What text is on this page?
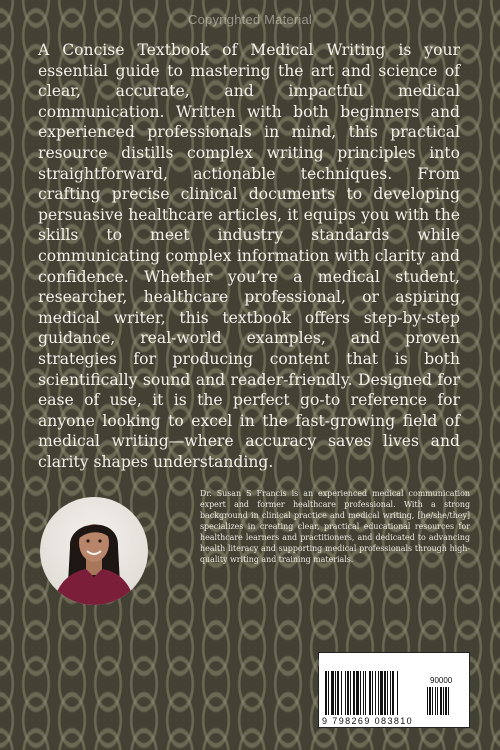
Copyrighted Material

A Concise Textbook of Medical Writing is your essential guide to mastering the art and science of clear, accurate, and impactful medical communication. Written with both beginners and experienced professionals in mind, this practical resource distills complex writing principles into straightforward, actionable techniques. From crafting precise clinical documents to developing persuasive healthcare articles, it equips you with the skills to meet industry standards while communicating complex information with clarity and confidence. Whether you’re a medical student, researcher, healthcare professional, or aspiring medical writer, this textbook offers step-by-step guidance, real-world examples, and proven strategies for producing content that is both scientifically sound and reader-friendly. Designed for ease of use, it is the perfect go-to reference for anyone looking to excel in the fast-growing field of medical writing—where accuracy saves lives and clarity shapes understanding.

Dr. Susan S Francis is an experienced medical communication expert and former healthcare professional. With a strong background in clinical practice and medical writing, [he/she/they] specializes in creating clear, practical educational resources for healthcare learners and practitioners, and dedicated to advancing health literacy and supporting medical professionals through high-quality writing and training materials.

ISBN 9798269083810
90000
9 798269 083810
